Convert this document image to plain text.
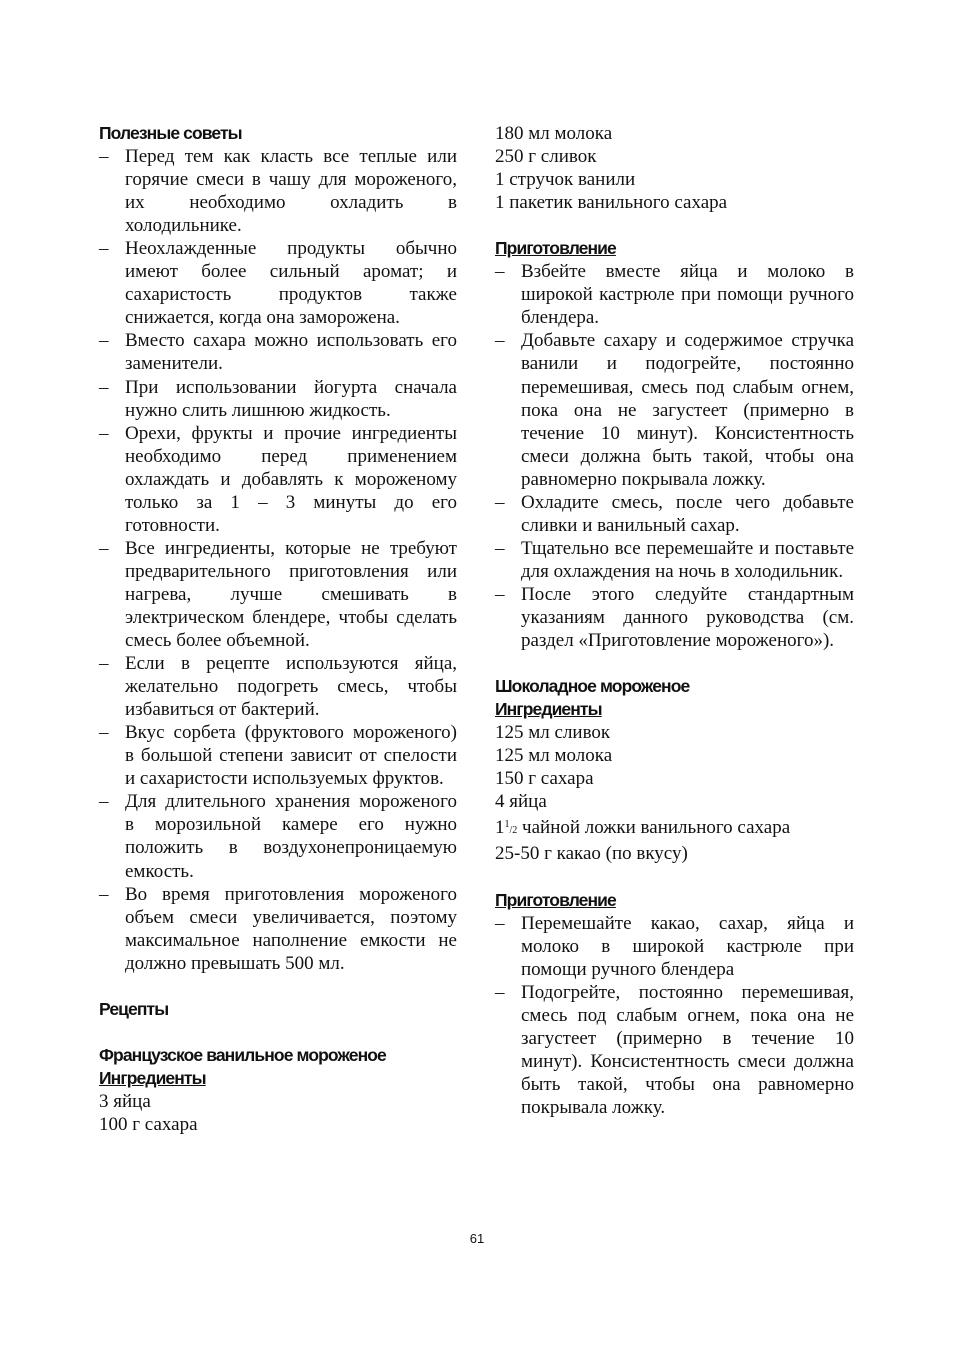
Полезные советы
– Перед тем как класть все теплые или горячие смеси в чашу для мороженого, их необходимо охладить в холодильнике.
– Неохлажденные продукты обычно имеют более сильный аромат; и сахаристость продуктов также снижается, когда она заморожена.
– Вместо сахара можно использовать его заменители.
– При использовании йогурта сначала нужно слить лишнюю жидкость.
– Орехи, фрукты и прочие ингредиенты необходимо перед применением охлаждать и добавлять к мороженому только за 1 – 3 минуты до его готовности.
– Все ингредиенты, которые не требуют предварительного приготовления или нагрева, лучше смешивать в электрическом блендере, чтобы сделать смесь более объемной.
– Если в рецепте используются яйца, желательно подогреть смесь, чтобы избавиться от бактерий.
– Вкус сорбета (фруктового мороженого) в большой степени зависит от спелости и сахаристости используемых фруктов.
– Для длительного хранения мороженого в морозильной камере его нужно положить в воздухонепроницаемую емкость.
– Во время приготовления мороженого объем смеси увеличивается, поэтому максимальное наполнение емкости не должно превышать 500 мл.
Рецепты
Французское ванильное мороженое
Ингредиенты
3 яйца
100 г сахара
180 мл молока
250 г сливок
1 стручок ванили
1 пакетик ванильного сахара
Приготовление
– Взбейте вместе яйца и молоко в широкой кастрюле при помощи ручного блендера.
– Добавьте сахару и содержимое стручка ванили и подогрейте, постоянно перемешивая, смесь под слабым огнем, пока она не загустеет (примерно в течение 10 минут). Консистентность смеси должна быть такой, чтобы она равномерно покрывала ложку.
– Охладите смесь, после чего добавьте сливки и ванильный сахар.
– Тщательно все перемешайте и поставьте для охлаждения на ночь в холодильник.
– После этого следуйте стандартным указаниям данного руководства (см. раздел «Приготовление мороженого»).
Шоколадное мороженое
Ингредиенты
125 мл сливок
125 мл молока
150 г сахара
4 яйца
$1^1/2$ чайной ложки ванильного сахара
25-50 г какао (по вкусу)
Приготовление
– Перемешайте какао, сахар, яйца и молоко в широкой кастрюле при помощи ручного блендера
– Подогрейте, постоянно перемешивая, смесь под слабым огнем, пока она не загустеет (примерно в течение 10 минут). Консистентность смеси должна быть такой, чтобы она равномерно покрывала ложку.
61
